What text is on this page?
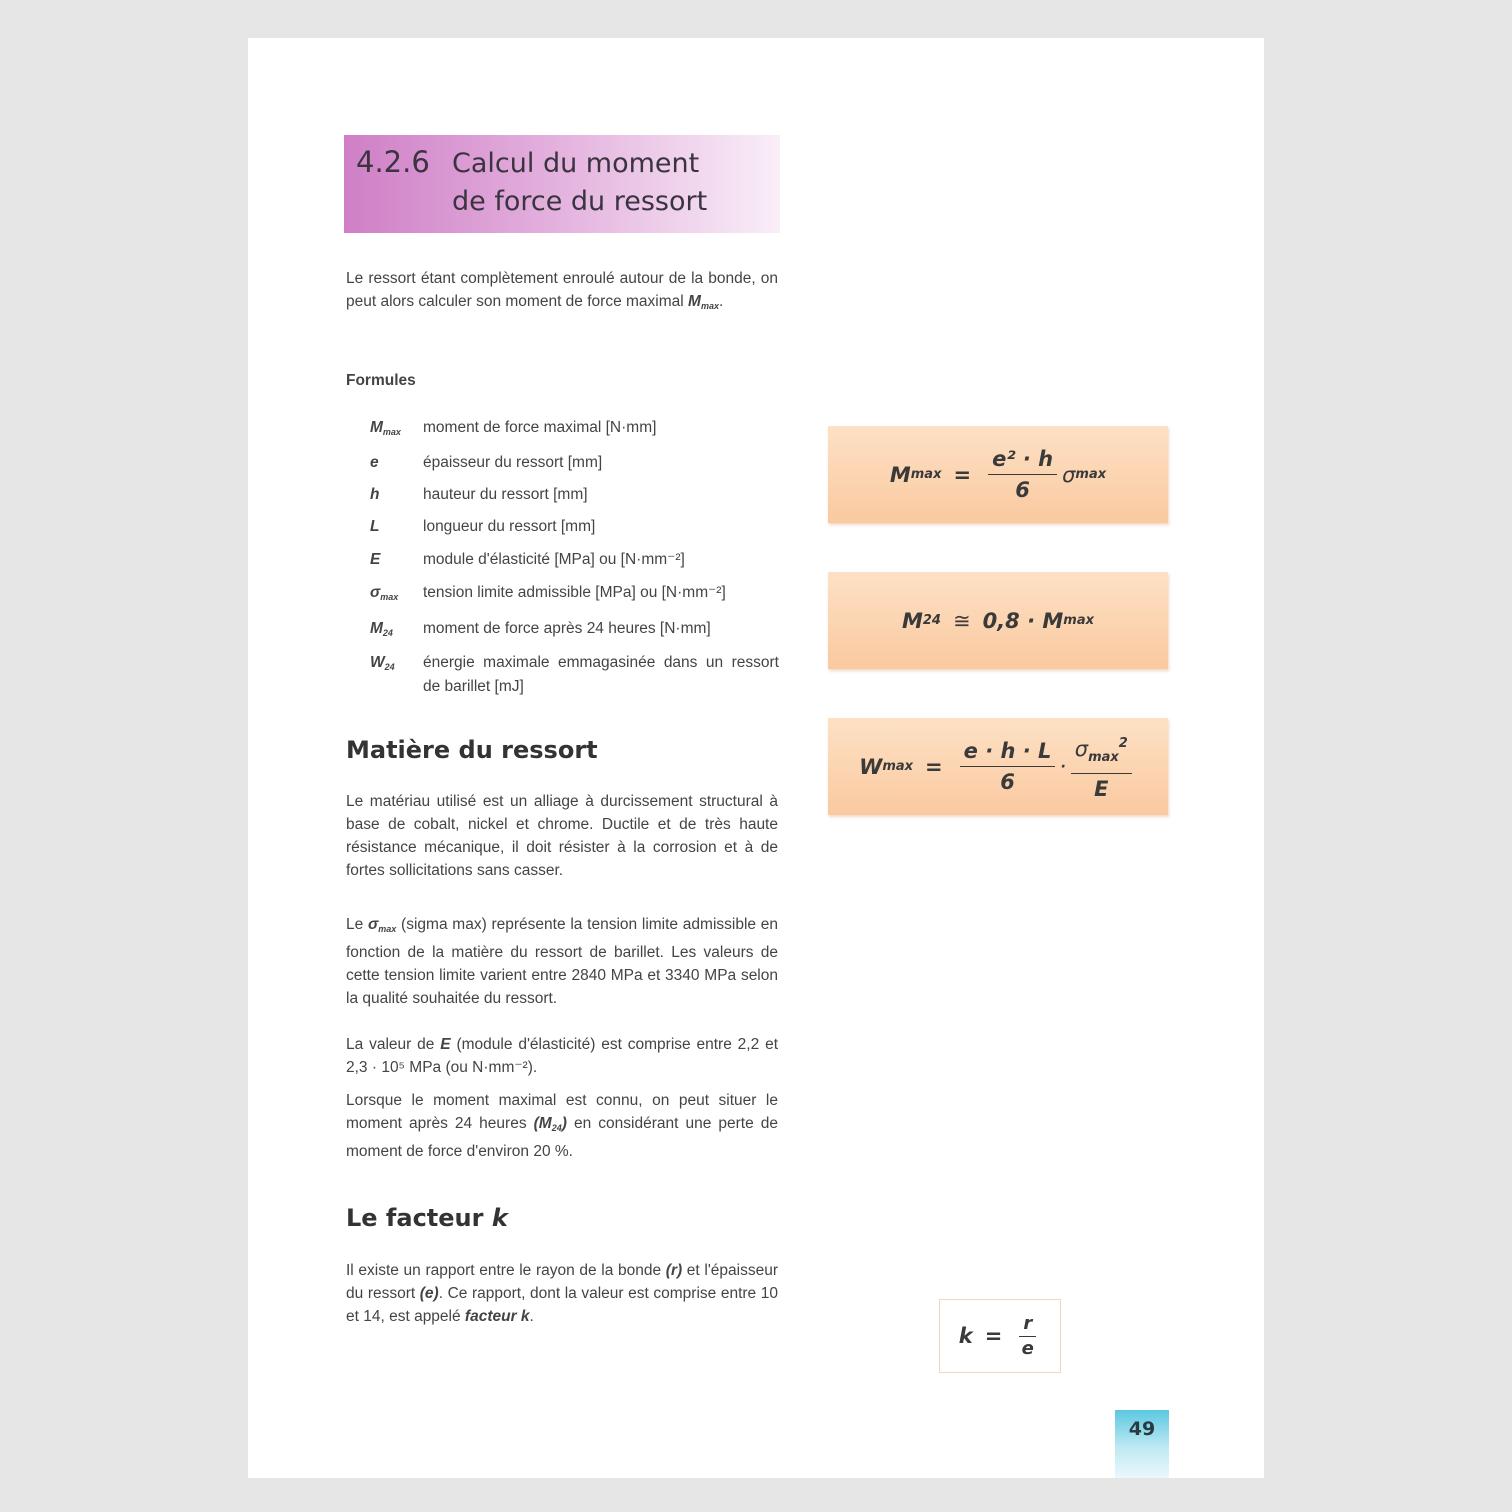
4.2.6 Calcul du moment
de force du ressort
Le ressort étant complètement enroulé autour de la bonde, on peut alors calculer son moment de force maximal $M_{max}$.
Formules
$M_{max}$	moment de force maximal [N·mm]
e	épaisseur du ressort [mm]
h	hauteur du ressort [mm]
L	longueur du ressort [mm]
E	module d'élasticité [MPa] ou [N·mm⁻²]
$\sigma_{max}$	tension limite admissible [MPa] ou [N·mm⁻²]
$M_{24}$	moment de force après 24 heures [N·mm]
$W_{24}$	énergie maximale emmagasinée dans un ressort de barillet [mJ]
Matière du ressort
Le matériau utilisé est un alliage à durcissement structural à base de cobalt, nickel et chrome. Ductile et de très haute résistance mécanique, il doit résister à la corrosion et à de fortes sollicitations sans casser.
Le $\sigma_{max}$ (sigma max) représente la tension limite admissible en fonction de la matière du ressort de barillet. Les valeurs de cette tension limite varient entre 2840 MPa et 3340 MPa selon la qualité souhaitée du ressort.
La valeur de E (module d'élasticité) est comprise entre 2,2 et 2,3 · 10⁵ MPa (ou N·mm⁻²).
Lorsque le moment maximal est connu, on peut situer le moment après 24 heures $(M_{24})$ en considérant une perte de moment de force d'environ 20 %.
Le facteur k
Il existe un rapport entre le rayon de la bonde (r) et l'épaisseur du ressort (e). Ce rapport, dont la valeur est comprise entre 10 et 14, est appelé facteur k.
M $\max = \frac{\text{e² · h}}{6}$ σ max
M 24 ≅ 0,8 · M max
W $\max = \frac{e \cdot h \cdot L}{6} \cdot \frac{\sigma_{max}^2}{E}$
$k = \frac{r}{e}$
49
